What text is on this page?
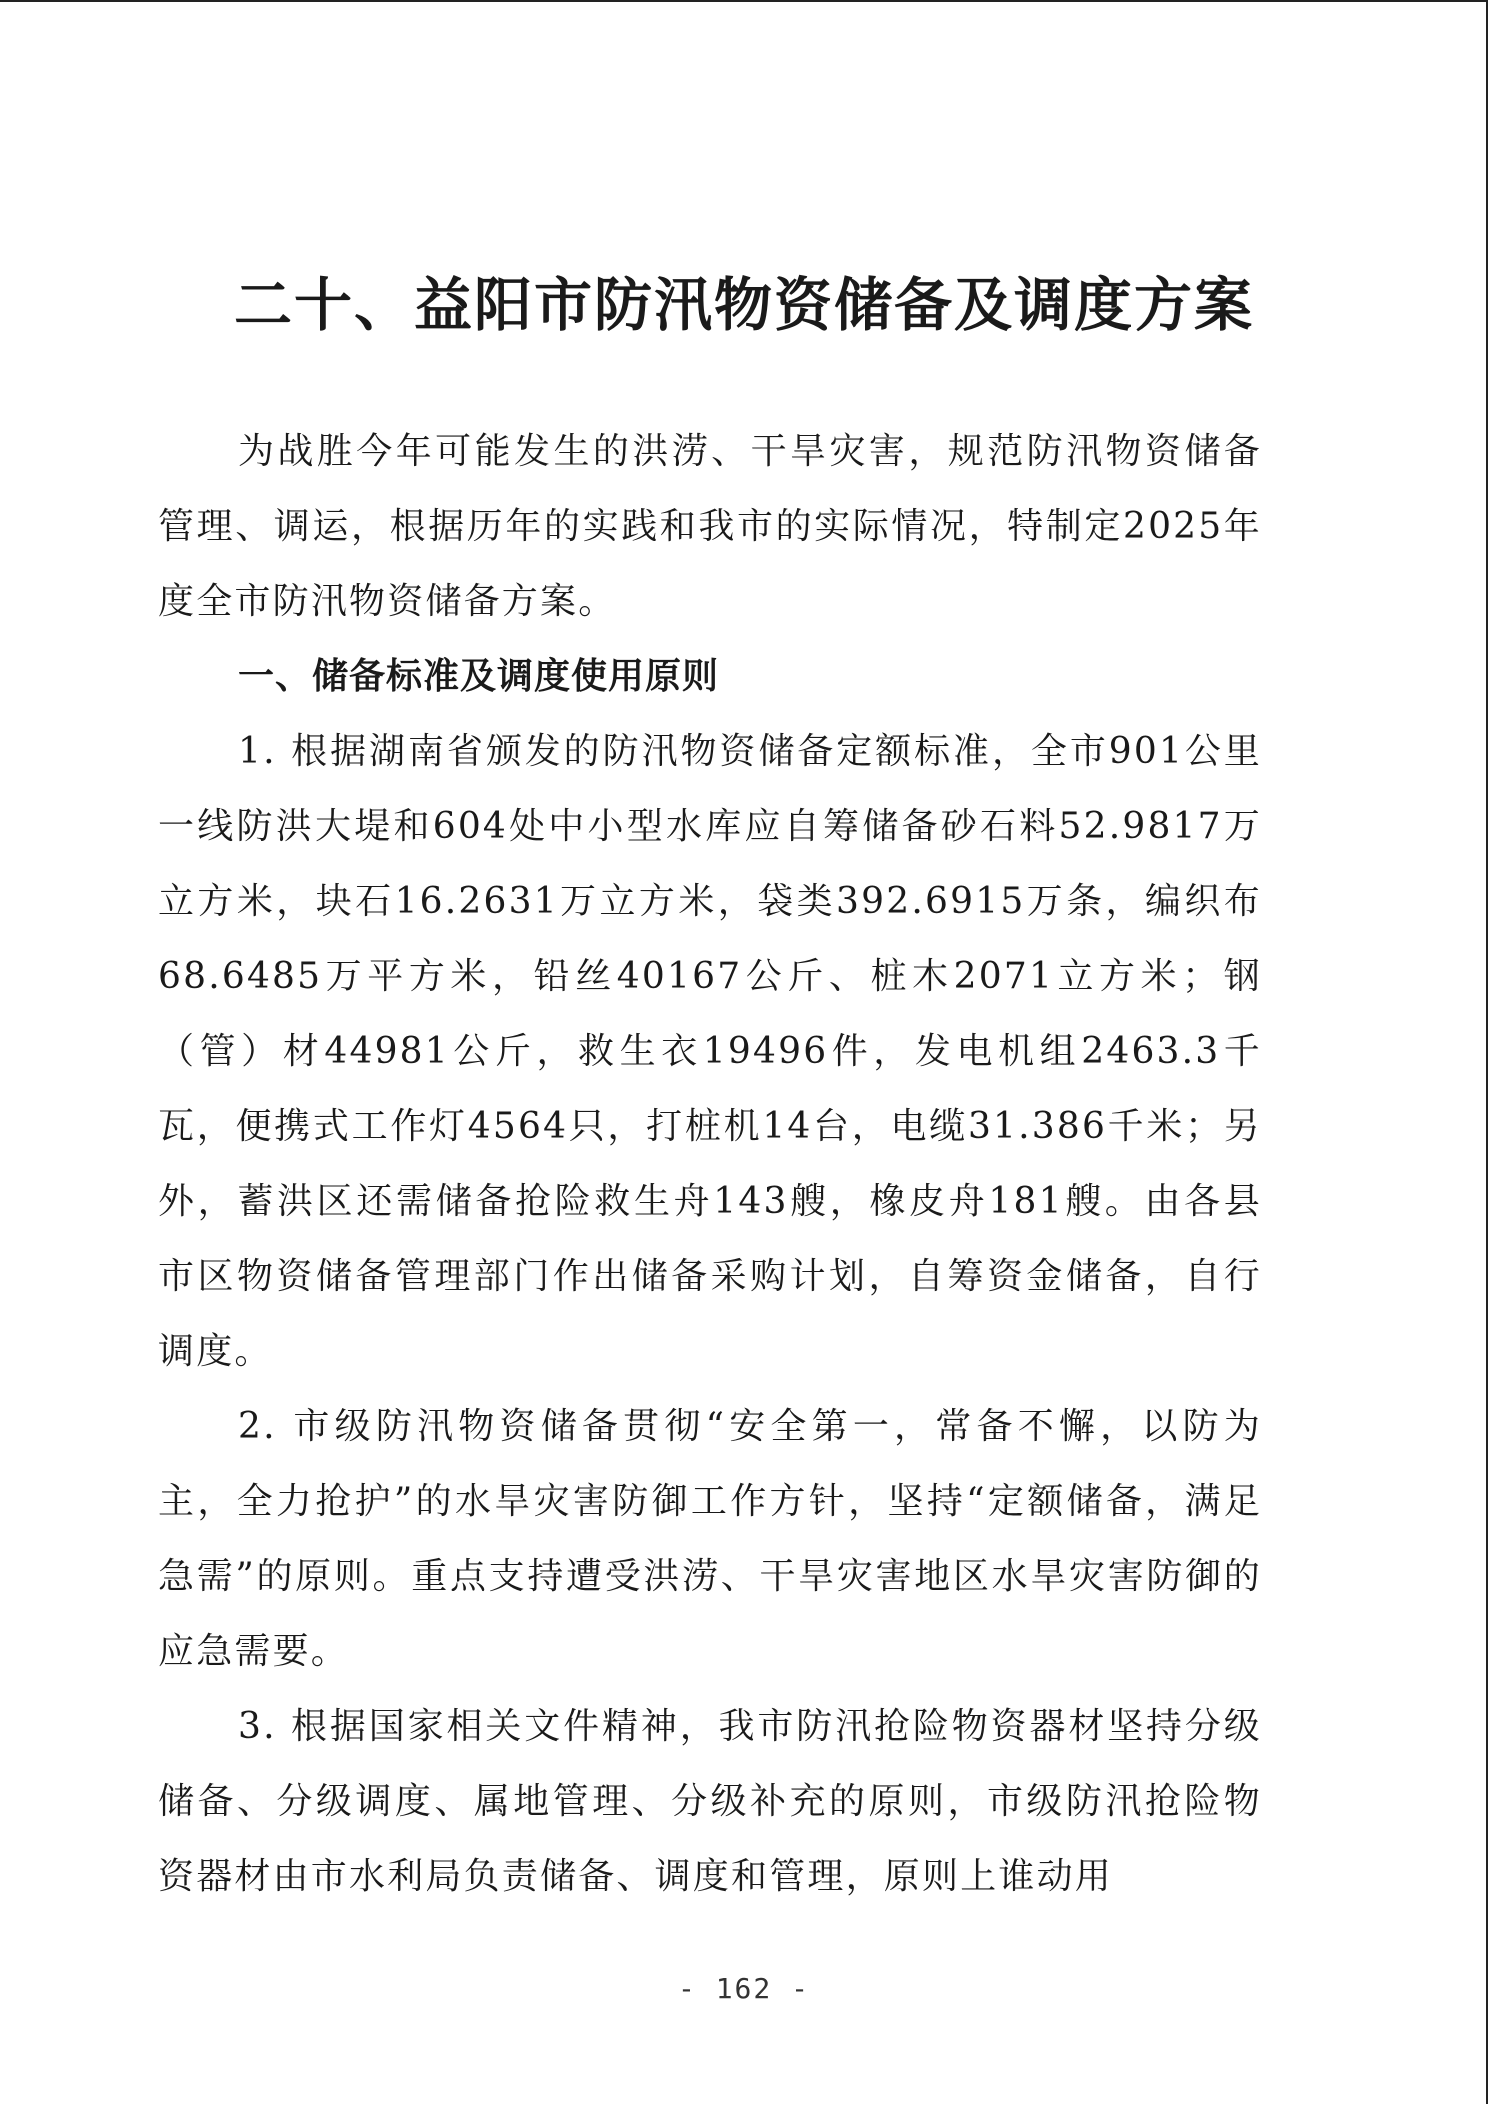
二十、益阳市防汛物资储备及调度方案

为战胜今年可能发生的洪涝、干旱灾害，规范防汛物资储备管理、调运，根据历年的实践和我市的实际情况，特制定2025年度全市防汛物资储备方案。

一、储备标准及调度使用原则

1. 根据湖南省颁发的防汛物资储备定额标准，全市901公里一线防洪大堤和604处中小型水库应自筹储备砂石料52.9817万立方米，块石16.2631万立方米，袋类392.6915万条，编织布68.6485万平方米，铅丝40167公斤、桩木2071立方米；钢（管）材44981公斤，救生衣19496件，发电机组2463.3千瓦，便携式工作灯4564只，打桩机14台，电缆31.386千米；另外，蓄洪区还需储备抢险救生舟143艘，橡皮舟181艘。由各县市区物资储备管理部门作出储备采购计划，自筹资金储备，自行调度。

2. 市级防汛物资储备贯彻“安全第一，常备不懈，以防为主，全力抢护”的水旱灾害防御工作方针，坚持“定额储备，满足急需”的原则。重点支持遭受洪涝、干旱灾害地区水旱灾害防御的应急需要。

3. 根据国家相关文件精神，我市防汛抢险物资器材坚持分级储备、分级调度、属地管理、分级补充的原则，市级防汛抢险物资器材由市水利局负责储备、调度和管理，原则上谁动用

- 162 -
